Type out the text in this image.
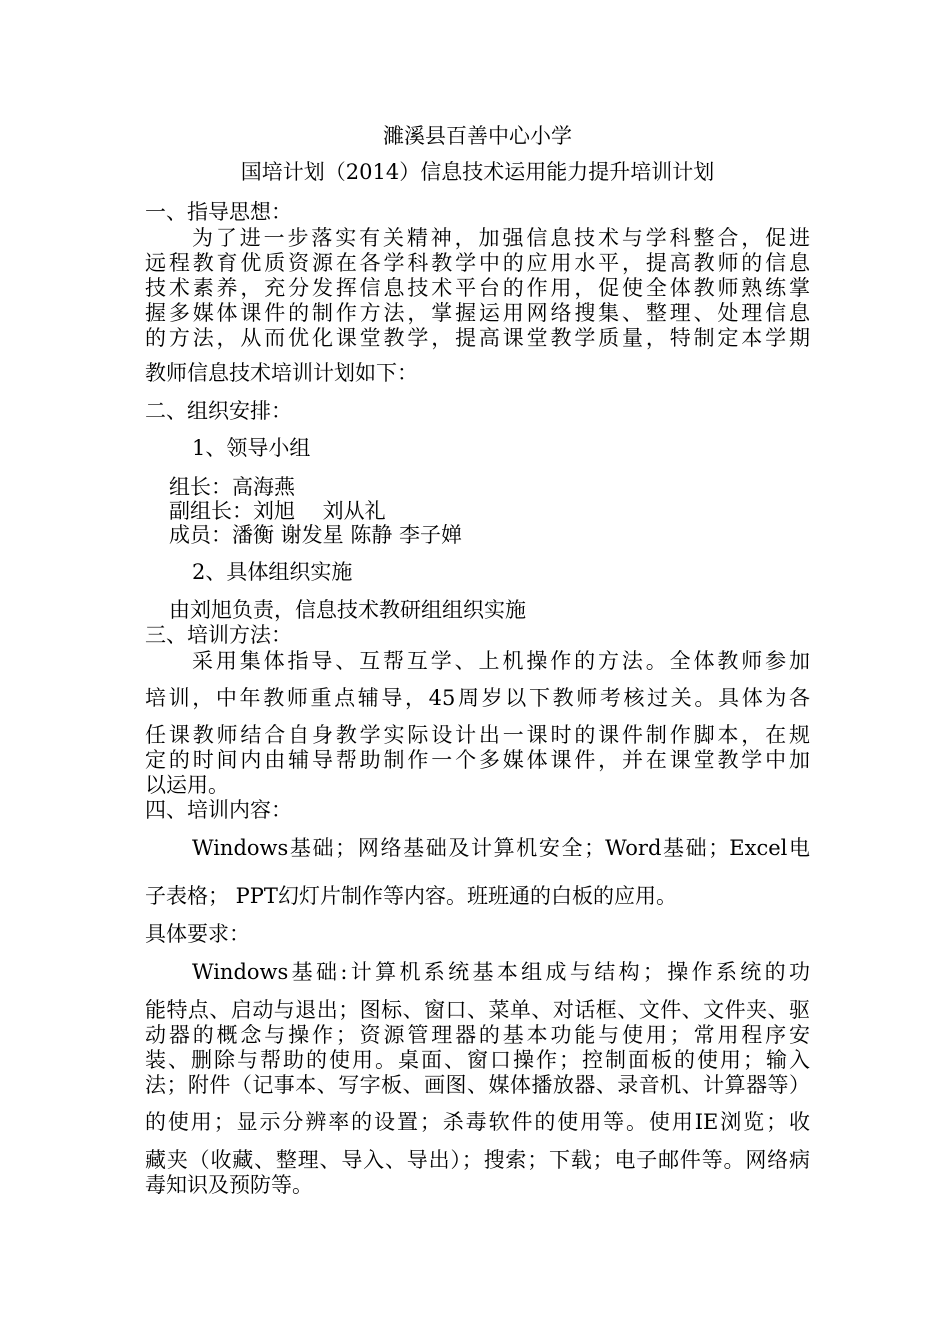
濉溪县百善中心小学
国培计划（2014）信息技术运用能力提升培训计划
一、指导思想：
为了进一步落实有关精神，加强信息技术与学科整合，促进
远程教育优质资源在各学科教学中的应用水平，提高教师的信息
技术素养，充分发挥信息技术平台的作用，促使全体教师熟练掌
握多媒体课件的制作方法，掌握运用网络搜集、整理、处理信息
的方法，从而优化课堂教学，提高课堂教学质量，特制定本学期
教师信息技术培训计划如下：
二、组织安排：
1、领导小组
组长：高海燕
副组长：刘旭　 刘从礼
成员：潘衡 谢发星 陈静 李子婵
2、具体组织实施
由刘旭负责，信息技术教研组组织实施
三、培训方法：
采用集体指导、互帮互学、上机操作的方法。全体教师参加
培训，中年教师重点辅导，45周岁以下教师考核过关。具体为各
任课教师结合自身教学实际设计出一课时的课件制作脚本，在规
定的时间内由辅导帮助制作一个多媒体课件，并在课堂教学中加
以运用。
四、培训内容：
Windows基础；网络基础及计算机安全；Word基础；Excel电
子表格； PPT幻灯片制作等内容。班班通的白板的应用。
具体要求：
Windows基础:计算机系统基本组成与结构；操作系统的功
能特点、启动与退出；图标、窗口、菜单、对话框、文件、文件夹、驱
动器的概念与操作；资源管理器的基本功能与使用；常用程序安
装、删除与帮助的使用。桌面、窗口操作；控制面板的使用；输入
法；附件（记事本、写字板、画图、媒体播放器、录音机、计算器等）
的使用；显示分辨率的设置；杀毒软件的使用等。使用IE浏览；收
藏夹（收藏、整理、导入、导出）；搜索；下载；电子邮件等。网络病
毒知识及预防等。
